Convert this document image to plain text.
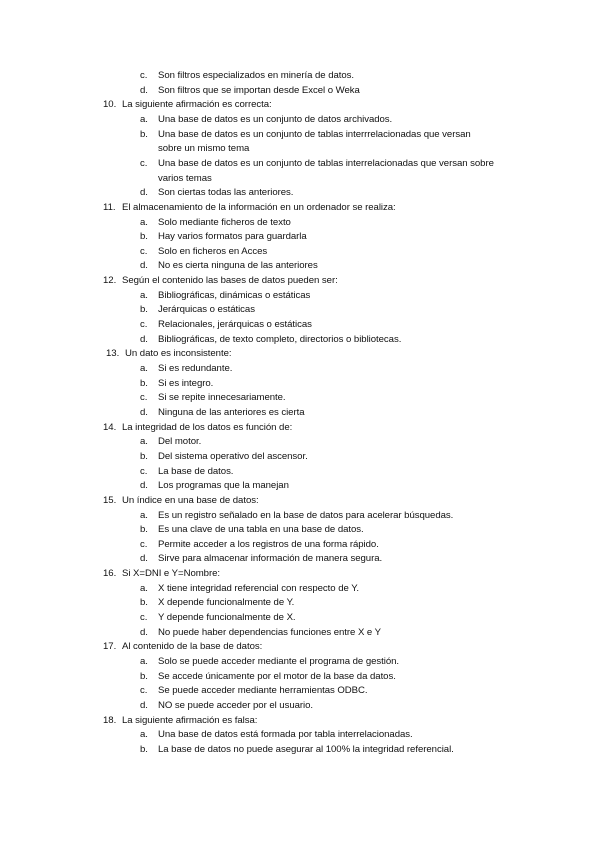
c. Son filtros especializados en minería de datos.
d. Son filtros que se importan desde Excel o Weka
10. La siguiente afirmación es correcta:
a. Una base de datos es un conjunto de datos archivados.
b. Una base de datos es un conjunto de tablas interrrelacionadas que versan
sobre un mismo tema
c. Una base de datos es un conjunto de tablas interrelacionadas que versan sobre
varios temas
d. Son ciertas todas las anteriores.
11. El almacenamiento de la información en un ordenador se realiza:
a. Solo mediante ficheros de texto
b. Hay varios formatos para guardarla
c. Solo en ficheros en Acces
d. No es cierta ninguna de las anteriores
12. Según el contenido las bases de datos pueden ser:
a. Bibliográficas, dinámicas o estáticas
b. Jerárquicas o estáticas
c. Relacionales, jerárquicas o estáticas
d. Bibliográficas, de texto completo, directorios o bibliotecas.
13. Un dato es inconsistente:
a. Si es redundante.
b. Si es integro.
c. Si se repite innecesariamente.
d. Ninguna de las anteriores es cierta
14. La integridad de los datos es función de:
a. Del motor.
b. Del sistema operativo del ascensor.
c. La base de datos.
d. Los programas que la manejan
15. Un índice en una base de datos:
a. Es un registro señalado en la base de datos para acelerar búsquedas.
b. Es una clave de una tabla en una base de datos.
c. Permite acceder a los registros de una forma rápido.
d. Sirve para almacenar información de manera segura.
16. Si X=DNI e Y=Nombre:
a. X tiene integridad referencial con respecto de Y.
b. X depende funcionalmente de Y.
c. Y depende funcionalmente de X.
d. No puede haber dependencias funciones entre X e Y
17. Al contenido de la base de datos:
a. Solo se puede acceder mediante el programa de gestión.
b. Se accede únicamente por el motor de la base da datos.
c. Se puede acceder mediante herramientas ODBC.
d. NO se puede acceder por el usuario.
18. La siguiente afirmación es falsa:
a. Una base de datos está formada por tabla interrelacionadas.
b. La base de datos no puede asegurar al 100% la integridad referencial.
